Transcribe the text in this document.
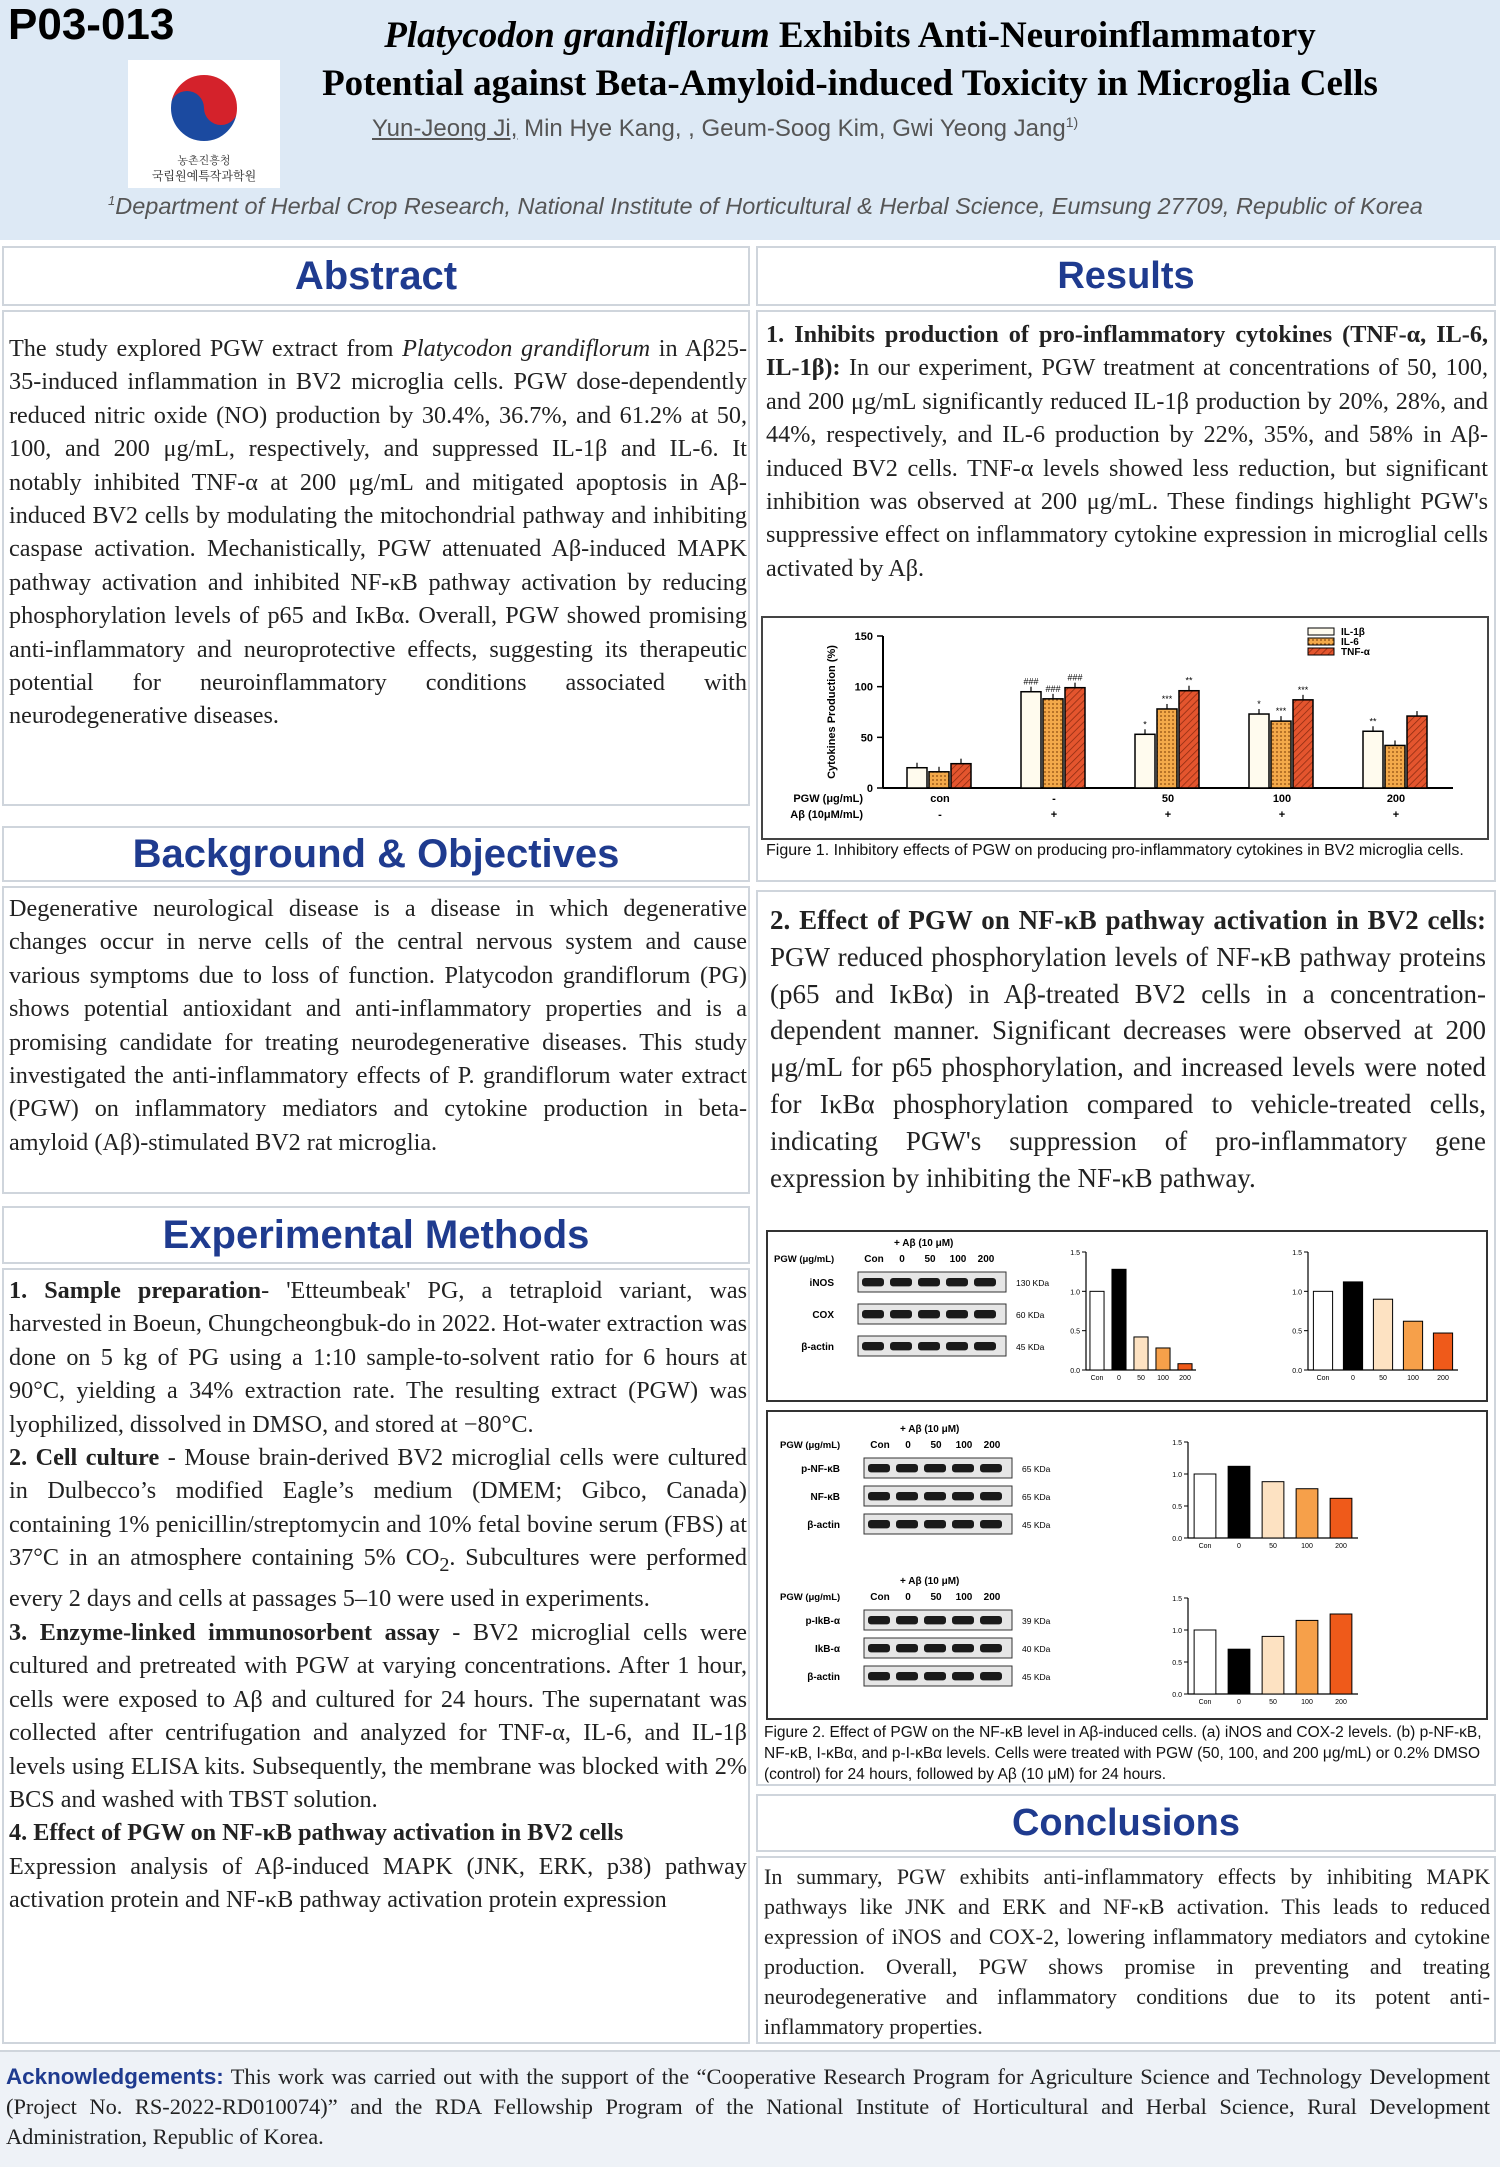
P03-013
농촌진흥청
국립원예특작과학원
Platycodon grandiflorum Exhibits Anti-Neuroinflammatory
Potential against Beta-Amyloid-induced Toxicity in Microglia Cells
Yun-Jeong Ji, Min Hye Kang, , Geum-Soog Kim, Gwi Yeong Jang$^{1)}$
$^1$Department of Herbal Crop Research, National Institute of Horticultural & Herbal Science, Eumsung 27709, Republic of Korea
Abstract
The study explored PGW extract from Platycodon grandiflorum in Aβ25-35-induced inflammation in BV2 microglia cells. PGW dose-dependently reduced nitric oxide (NO) production by 30.4%, 36.7%, and 61.2% at 50, 100, and 200 μg/mL, respectively, and suppressed IL-1β and IL-6. It notably inhibited TNF-α at 200 μg/mL and mitigated apoptosis in Aβ-induced BV2 cells by modulating the mitochondrial pathway and inhibiting caspase activation. Mechanistically, PGW attenuated Aβ-induced MAPK pathway activation and inhibited NF-κB pathway activation by reducing phosphorylation levels of p65 and IκBα. Overall, PGW showed promising anti-inflammatory and neuroprotective effects, suggesting its therapeutic potential for neuroinflammatory conditions associated with neurodegenerative diseases.
Background & Objectives
Degenerative neurological disease is a disease in which degenerative changes occur in nerve cells of the central nervous system and cause various symptoms due to loss of function. Platycodon grandiflorum (PG) shows potential antioxidant and anti-inflammatory properties and is a promising candidate for treating neurodegenerative diseases. This study investigated the anti-inflammatory effects of P. grandiflorum water extract (PGW) on inflammatory mediators and cytokine production in beta-amyloid (Aβ)-stimulated BV2 rat microglia.
Experimental Methods
1. Sample preparation- 'Etteumbeak' PG, a tetraploid variant, was harvested in Boeun, Chungcheongbuk-do in 2022. Hot-water extraction was done on 5 kg of PG using a 1:10 sample-to-solvent ratio for 6 hours at 90°C, yielding a 34% extraction rate. The resulting extract (PGW) was lyophilized, dissolved in DMSO, and stored at −80°C.
2. Cell culture - Mouse brain-derived BV2 microglial cells were cultured in Dulbecco’s modified Eagle’s medium (DMEM; Gibco, Canada) containing 1% penicillin/streptomycin and 10% fetal bovine serum (FBS) at 37°C in an atmosphere containing 5% $CO_2$. Subcultures were performed every 2 days and cells at passages 5–10 were used in experiments.
3. Enzyme-linked immunosorbent assay - BV2 microglial cells were cultured and pretreated with PGW at varying concentrations. After 1 hour, cells were exposed to Aβ and cultured for 24 hours. The supernatant was collected after centrifugation and analyzed for TNF-α, IL-6, and IL-1β levels using ELISA kits. Subsequently, the membrane was blocked with 2% BCS and washed with TBST solution.
4. Effect of PGW on NF-κB pathway activation in BV2 cells
Expression analysis of Aβ-induced MAPK (JNK, ERK, p38) pathway activation protein and NF-κB pathway activation protein expression
Results
1. Inhibits production of pro-inflammatory cytokines (TNF-α, IL-6, IL-1β): In our experiment, PGW treatment at concentrations of 50, 100, and 200 μg/mL significantly reduced IL-1β production by 20%, 28%, and 44%, respectively, and IL-6 production by 22%, 35%, and 58% in Aβ-induced BV2 cells. TNF-α levels showed less reduction, but significant inhibition was observed at 200 μg/mL. These findings highlight PGW's suppressive effect on inflammatory cytokine expression in microglial cells activated by Aβ.
0
50
100
150
Cytokines Production (%)
con
-
###
###
###
-
+
*
***
**
50
+
*
***
***
100
+
**
200
+
PGW (μg/mL)
Aβ (10μM/mL)
IL-1β
IL-6
TNF-α
Figure 1. Inhibitory effects of PGW on producing pro-inflammatory cytokines in BV2 microglia cells.
2. Effect of PGW on NF-κB pathway activation in BV2 cells: PGW reduced phosphorylation levels of NF-κB pathway proteins (p65 and IκBα) in Aβ-treated BV2 cells in a concentration-dependent manner. Significant decreases were observed at 200 μg/mL for p65 phosphorylation, and increased levels were noted for IκBα phosphorylation compared to vehicle-treated cells, indicating PGW's suppression of pro-inflammatory gene expression by inhibiting the NF-κB pathway.
+ Aβ (10 μM)
PGW (μg/mL)	Con 0 50 100 200
iNOS	130 KDa
COX	60 KDa
β-actin	45 KDa
0.0
0.5
1.0
1.5
Con 0 50 100 200
0.0
0.5
1.0
1.5
Con	0	50	100	200
+ Aβ (10 μM)
PGW (μg/mL)	Con 0 50 100 200
p-NF-κB	65 KDa
NF-κB	65 KDa
β-actin	45 KDa
+ Aβ (10 μM)
PGW (μg/mL)	Con 0 50 100 200
p-IkB-α	39 KDa
IkB-α	40 KDa
β-actin	45 KDa
0.0
0.5
1.0
1.5
Con	0	50	100	200
0.0
0.5
1.0
1.5
Con	0	50	100	200
Figure 2. Effect of PGW on the NF-κB level in Aβ-induced cells. (a) iNOS and COX-2 levels. (b) p-NF-κB, NF-κB, I-κBα, and p-I-κBα levels. Cells were treated with PGW (50, 100, and 200 μg/mL) or 0.2% DMSO (control) for 24 hours, followed by Aβ (10 μM) for 24 hours.
Conclusions
In summary, PGW exhibits anti-inflammatory effects by inhibiting MAPK pathways like JNK and ERK and NF-κB activation. This leads to reduced expression of iNOS and COX-2, lowering inflammatory mediators and cytokine production. Overall, PGW shows promise in preventing and treating neurodegenerative and inflammatory conditions due to its potent anti-inflammatory properties.
Acknowledgements: This work was carried out with the support of the “Cooperative Research Program for Agriculture Science and Technology Development (Project No. RS-2022-RD010074)” and the RDA Fellowship Program of the National Institute of Horticultural and Herbal Science, Rural Development Administration, Republic of Korea.
